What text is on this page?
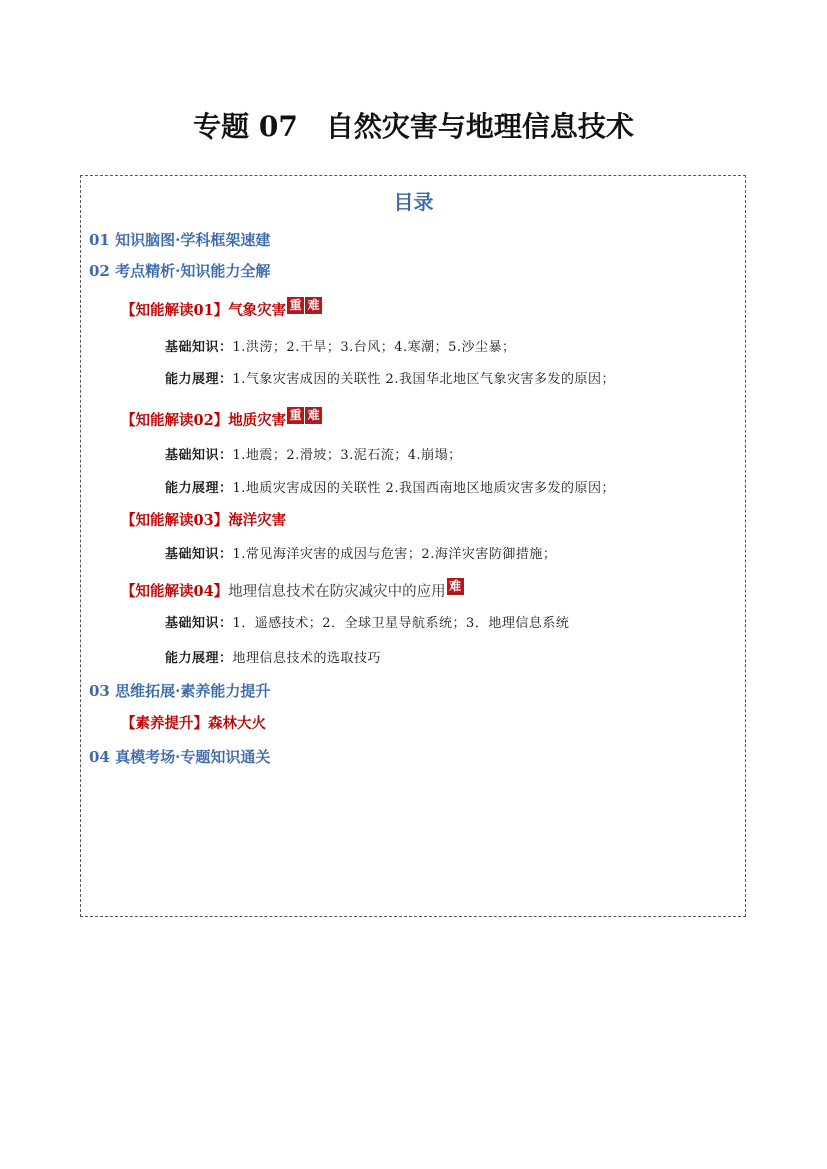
专题 07　自然灾害与地理信息技术
目录
01 知识脑图·学科框架速建
02 考点精析·知识能力全解
【知能解读01】气象灾害 重 难
基础知识：1.洪涝；2.干旱；3.台风；4.寒潮；5.沙尘暴；
能力展理：1.气象灾害成因的关联性 2.我国华北地区气象灾害多发的原因；
【知能解读02】地质灾害 重 难
基础知识：1.地震；2.滑坡；3.泥石流；4.崩塌；
能力展理：1.地质灾害成因的关联性 2.我国西南地区地质灾害多发的原因；
【知能解读03】海洋灾害
基础知识：1.常见海洋灾害的成因与危害；2.海洋灾害防御措施；
【知能解读04】地理信息技术在防灾减灾中的应用 难
基础知识：1．遥感技术；2．全球卫星导航系统；3．地理信息系统
能力展理：地理信息技术的选取技巧
03 思维拓展·素养能力提升
【素养提升】森林大火
04 真模考场·专题知识通关
